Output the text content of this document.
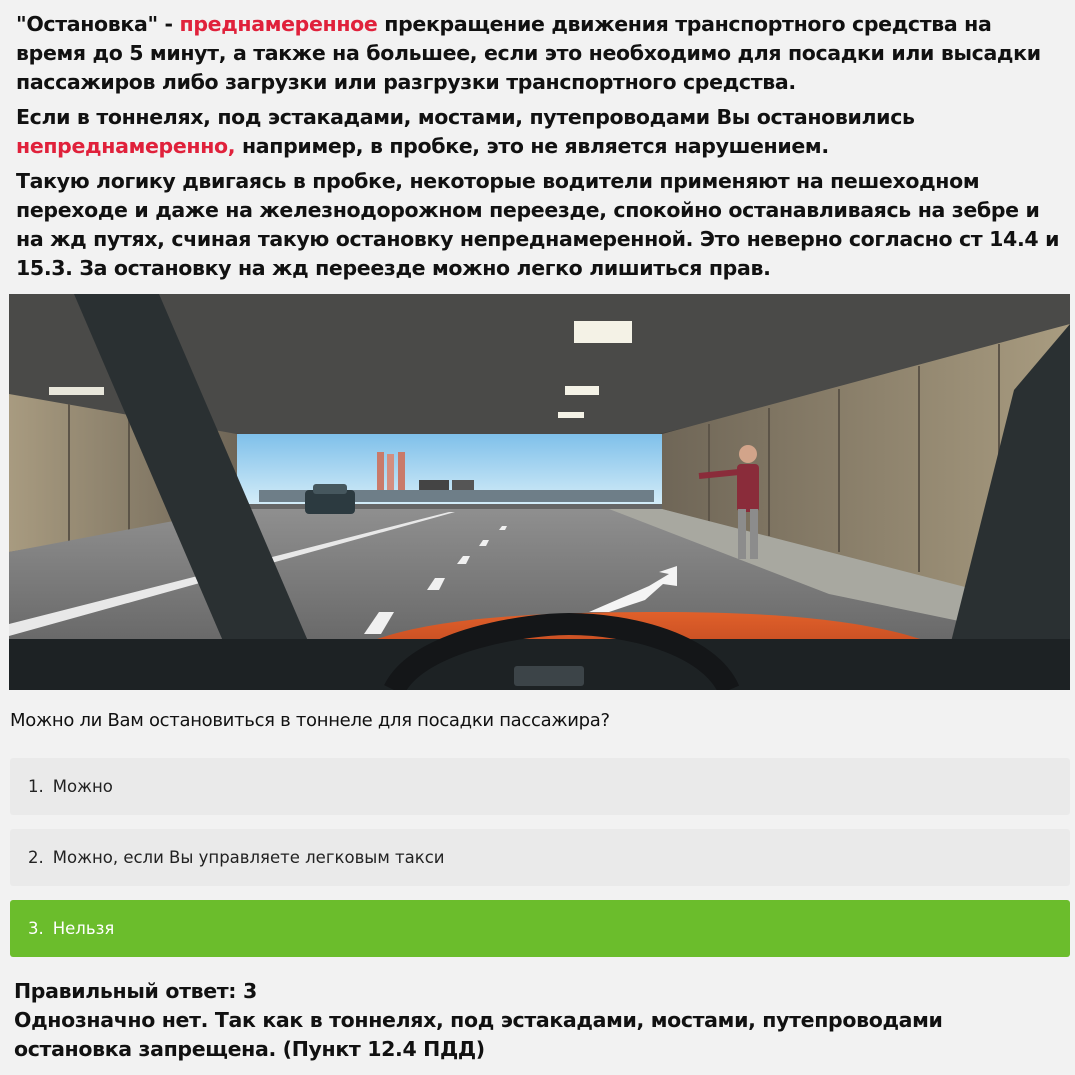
"Остановка" - преднамеренное прекращение движения транспортного средства на время до 5 минут, а также на большее, если это необходимо для посадки или высадки пассажиров либо загрузки или разгрузки транспортного средства.

Если в тоннелях, под эстакадами, мостами, путепроводами Вы остановились непреднамеренно, например, в пробке, это не является нарушением.

Такую логику двигаясь в пробке, некоторые водители применяют на пешеходном переходе и даже на железнодорожном переезде, спокойно останавливаясь на зебре и на жд путях, счиная такую остановку непреднамеренной. Это неверно согласно ст 14.4 и 15.3. За остановку на жд переезде можно легко лишиться прав.

Можно ли Вам остановиться в тоннеле для посадки пассажира?
1. Можно
2. Можно, если Вы управляете легковым такси
3. Нельзя

Правильный ответ: 3

Однозначно нет. Так как в тоннелях, под эстакадами, мостами, путепроводами остановка запрещена. (Пункт 12.4 ПДД)
